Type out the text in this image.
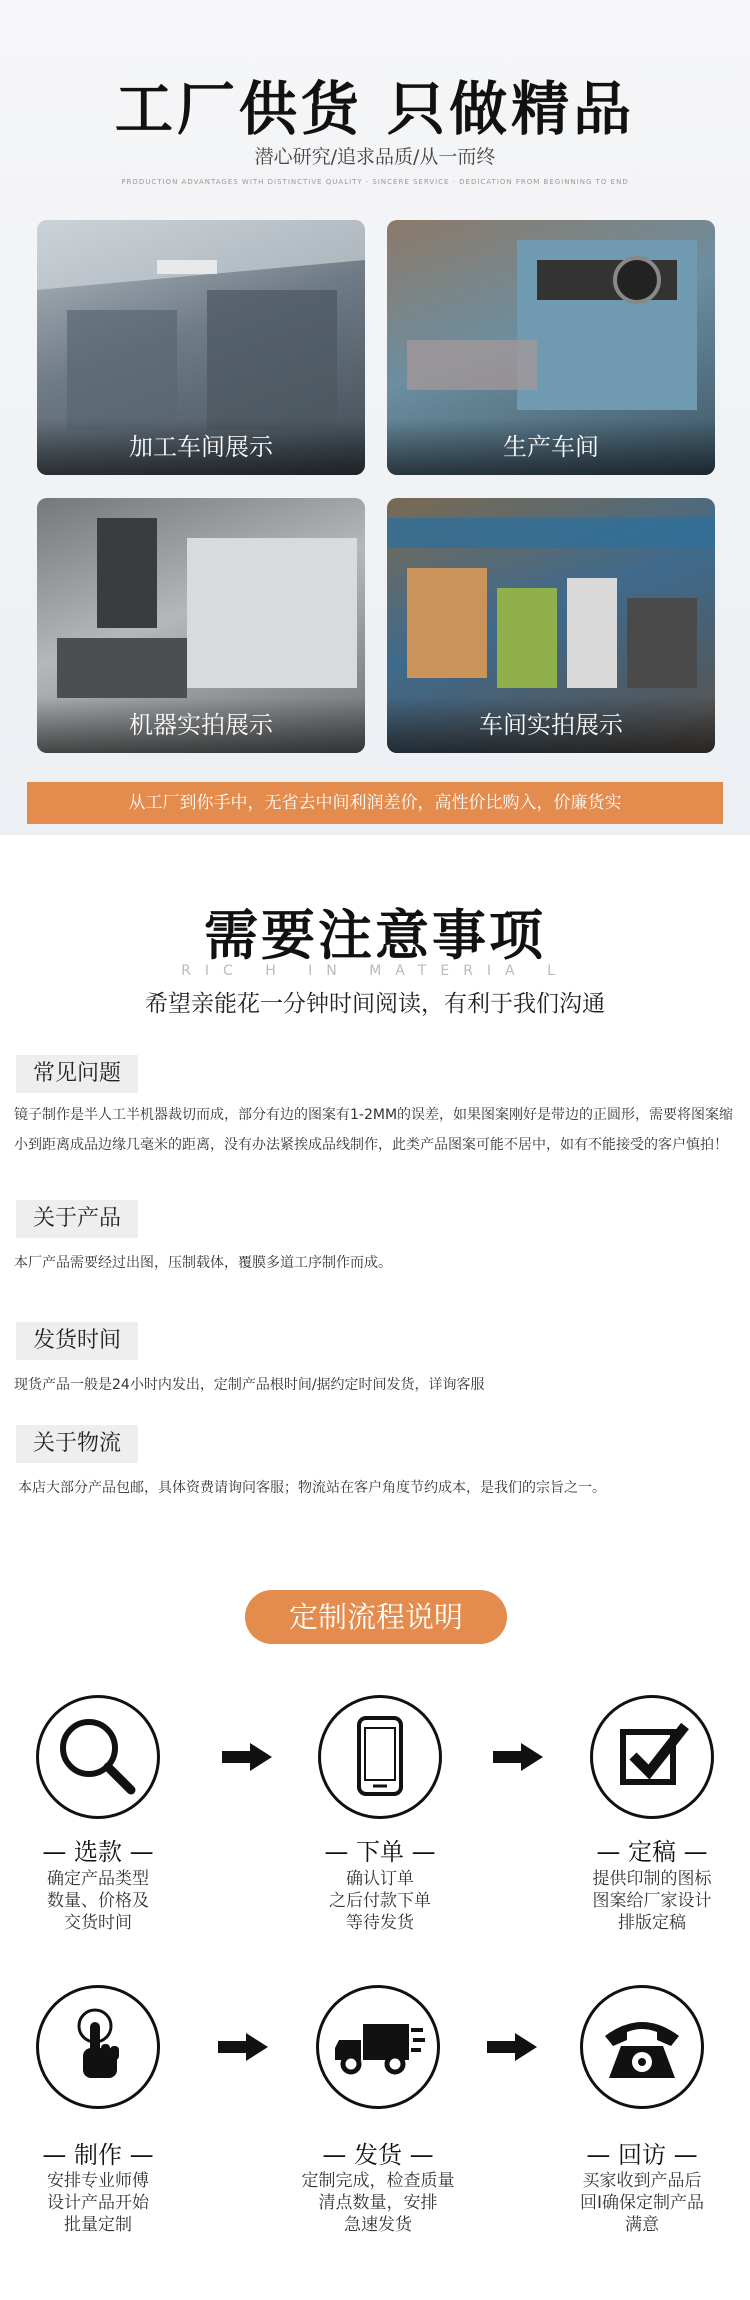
工厂供货 只做精品
潜心研究/追求品质/从一而终
PRODUCTION ADVANTAGES WITH DISTINCTIVE QUALITY · SINCERE SERVICE · DEDICATION FROM BEGINNING TO END
加工车间展示	生产车间
机器实拍展示	车间实拍展示
从工厂到你手中，无省去中间利润差价，高性价比购入，价廉货实
需要注意事项
RIC H IN MATERIA L
希望亲能花一分钟时间阅读，有利于我们沟通
常见问题
镜子制作是半人工半机器裁切而成，部分有边的图案有1-2MM的误差，如果图案刚好是带边的正圆形，需要将图案缩小到距离成品边缘几毫米的距离，没有办法紧挨成品线制作，此类产品图案可能不居中，如有不能接受的客户慎拍！
关于产品
本厂产品需要经过出图，压制载体，覆膜多道工序制作而成。
发货时间
现货产品一般是24小时内发出，定制产品根时间/据约定时间发货，详询客服
关于物流
本店大部分产品包邮，具体资费请询问客服；物流站在客户角度节约成本，是我们的宗旨之一。
定制流程说明
— 选款 —
确定产品类型
数量、价格及
交货时间
— 下单 —
确认订单
之后付款下单
等待发货
— 定稿 —
提供印制的图标
图案给厂家设计
排版定稿
— 制作 —
安排专业师傅
设计产品开始
批量定制
— 发货 —
定制完成，检查质量
清点数量，安排
急速发货
— 回访 —
买家收到产品后
回I确保定制产品
满意
